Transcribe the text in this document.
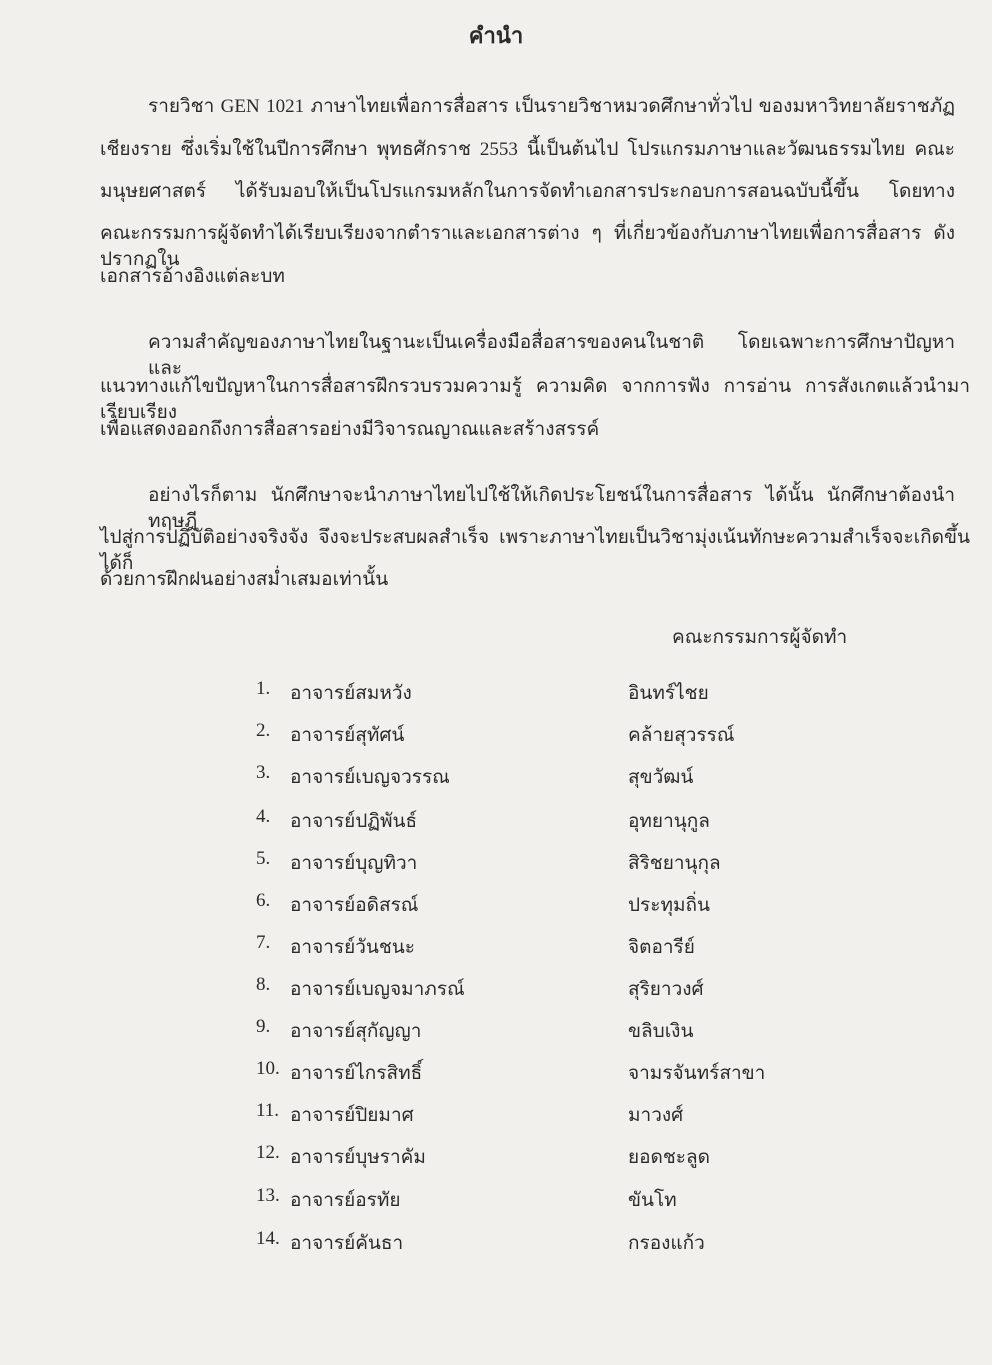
คำนำ
รายวิชา GEN 1021 ภาษาไทยเพื่อการสื่อสาร เป็นรายวิชาหมวดศึกษาทั่วไป ของมหาวิทยาลัยราชภัฏ
เชียงราย ซึ่งเริ่มใช้ในปีการศึกษา พุทธศักราช 2553 นี้เป็นต้นไป โปรแกรมภาษาและวัฒนธรรมไทย คณะ
มนุษยศาสตร์ ได้รับมอบให้เป็นโปรแกรมหลักในการจัดทำเอกสารประกอบการสอนฉบับนี้ขึ้น โดยทาง
คณะกรรมการผู้จัดทำได้เรียบเรียงจากตำราและเอกสารต่าง ๆ ที่เกี่ยวข้องกับภาษาไทยเพื่อการสื่อสาร ดังปรากฏใน
เอกสารอ้างอิงแต่ละบท
ความสำคัญของภาษาไทยในฐานะเป็นเครื่องมือสื่อสารของคนในชาติ โดยเฉพาะการศึกษาปัญหาและ
แนวทางแก้ไขปัญหาในการสื่อสารฝึกรวบรวมความรู้ ความคิด จากการฟัง การอ่าน การสังเกตแล้วนำมาเรียบเรียง
เพื่อแสดงออกถึงการสื่อสารอย่างมีวิจารณญาณและสร้างสรรค์
อย่างไรก็ตาม นักศึกษาจะนำภาษาไทยไปใช้ให้เกิดประโยชน์ในการสื่อสาร ได้นั้น นักศึกษาต้องนำทฤษฎี
ไปสู่การปฏิบัติอย่างจริงจัง จึงจะประสบผลสำเร็จ เพราะภาษาไทยเป็นวิชามุ่งเน้นทักษะความสำเร็จจะเกิดขึ้นได้ก็
ด้วยการฝึกฝนอย่างสม่ำเสมอเท่านั้น
คณะกรรมการผู้จัดทำ
1. อาจารย์สมหวัง	อินทร์ไชย
2. อาจารย์สุทัศน์	คล้ายสุวรรณ์
3. อาจารย์เบญจวรรณ	สุขวัฒน์
4. อาจารย์ปฏิพันธ์	อุทยานุกูล
5. อาจารย์บุญทิวา	สิริชยานุกุล
6. อาจารย์อดิสรณ์	ประทุมถิ่น
7. อาจารย์วันชนะ	จิตอารีย์
8. อาจารย์เบญจมาภรณ์	สุริยาวงศ์
9. อาจารย์สุกัญญา	ขลิบเงิน
10. อาจารย์ไกรสิทธิ์	จามรจันทร์สาขา
11. อาจารย์ปิยมาศ	มาวงศ์
12. อาจารย์บุษราคัม	ยอดชะลูด
13. อาจารย์อรทัย	ขันโท
14. อาจารย์คันธา	กรองแก้ว
